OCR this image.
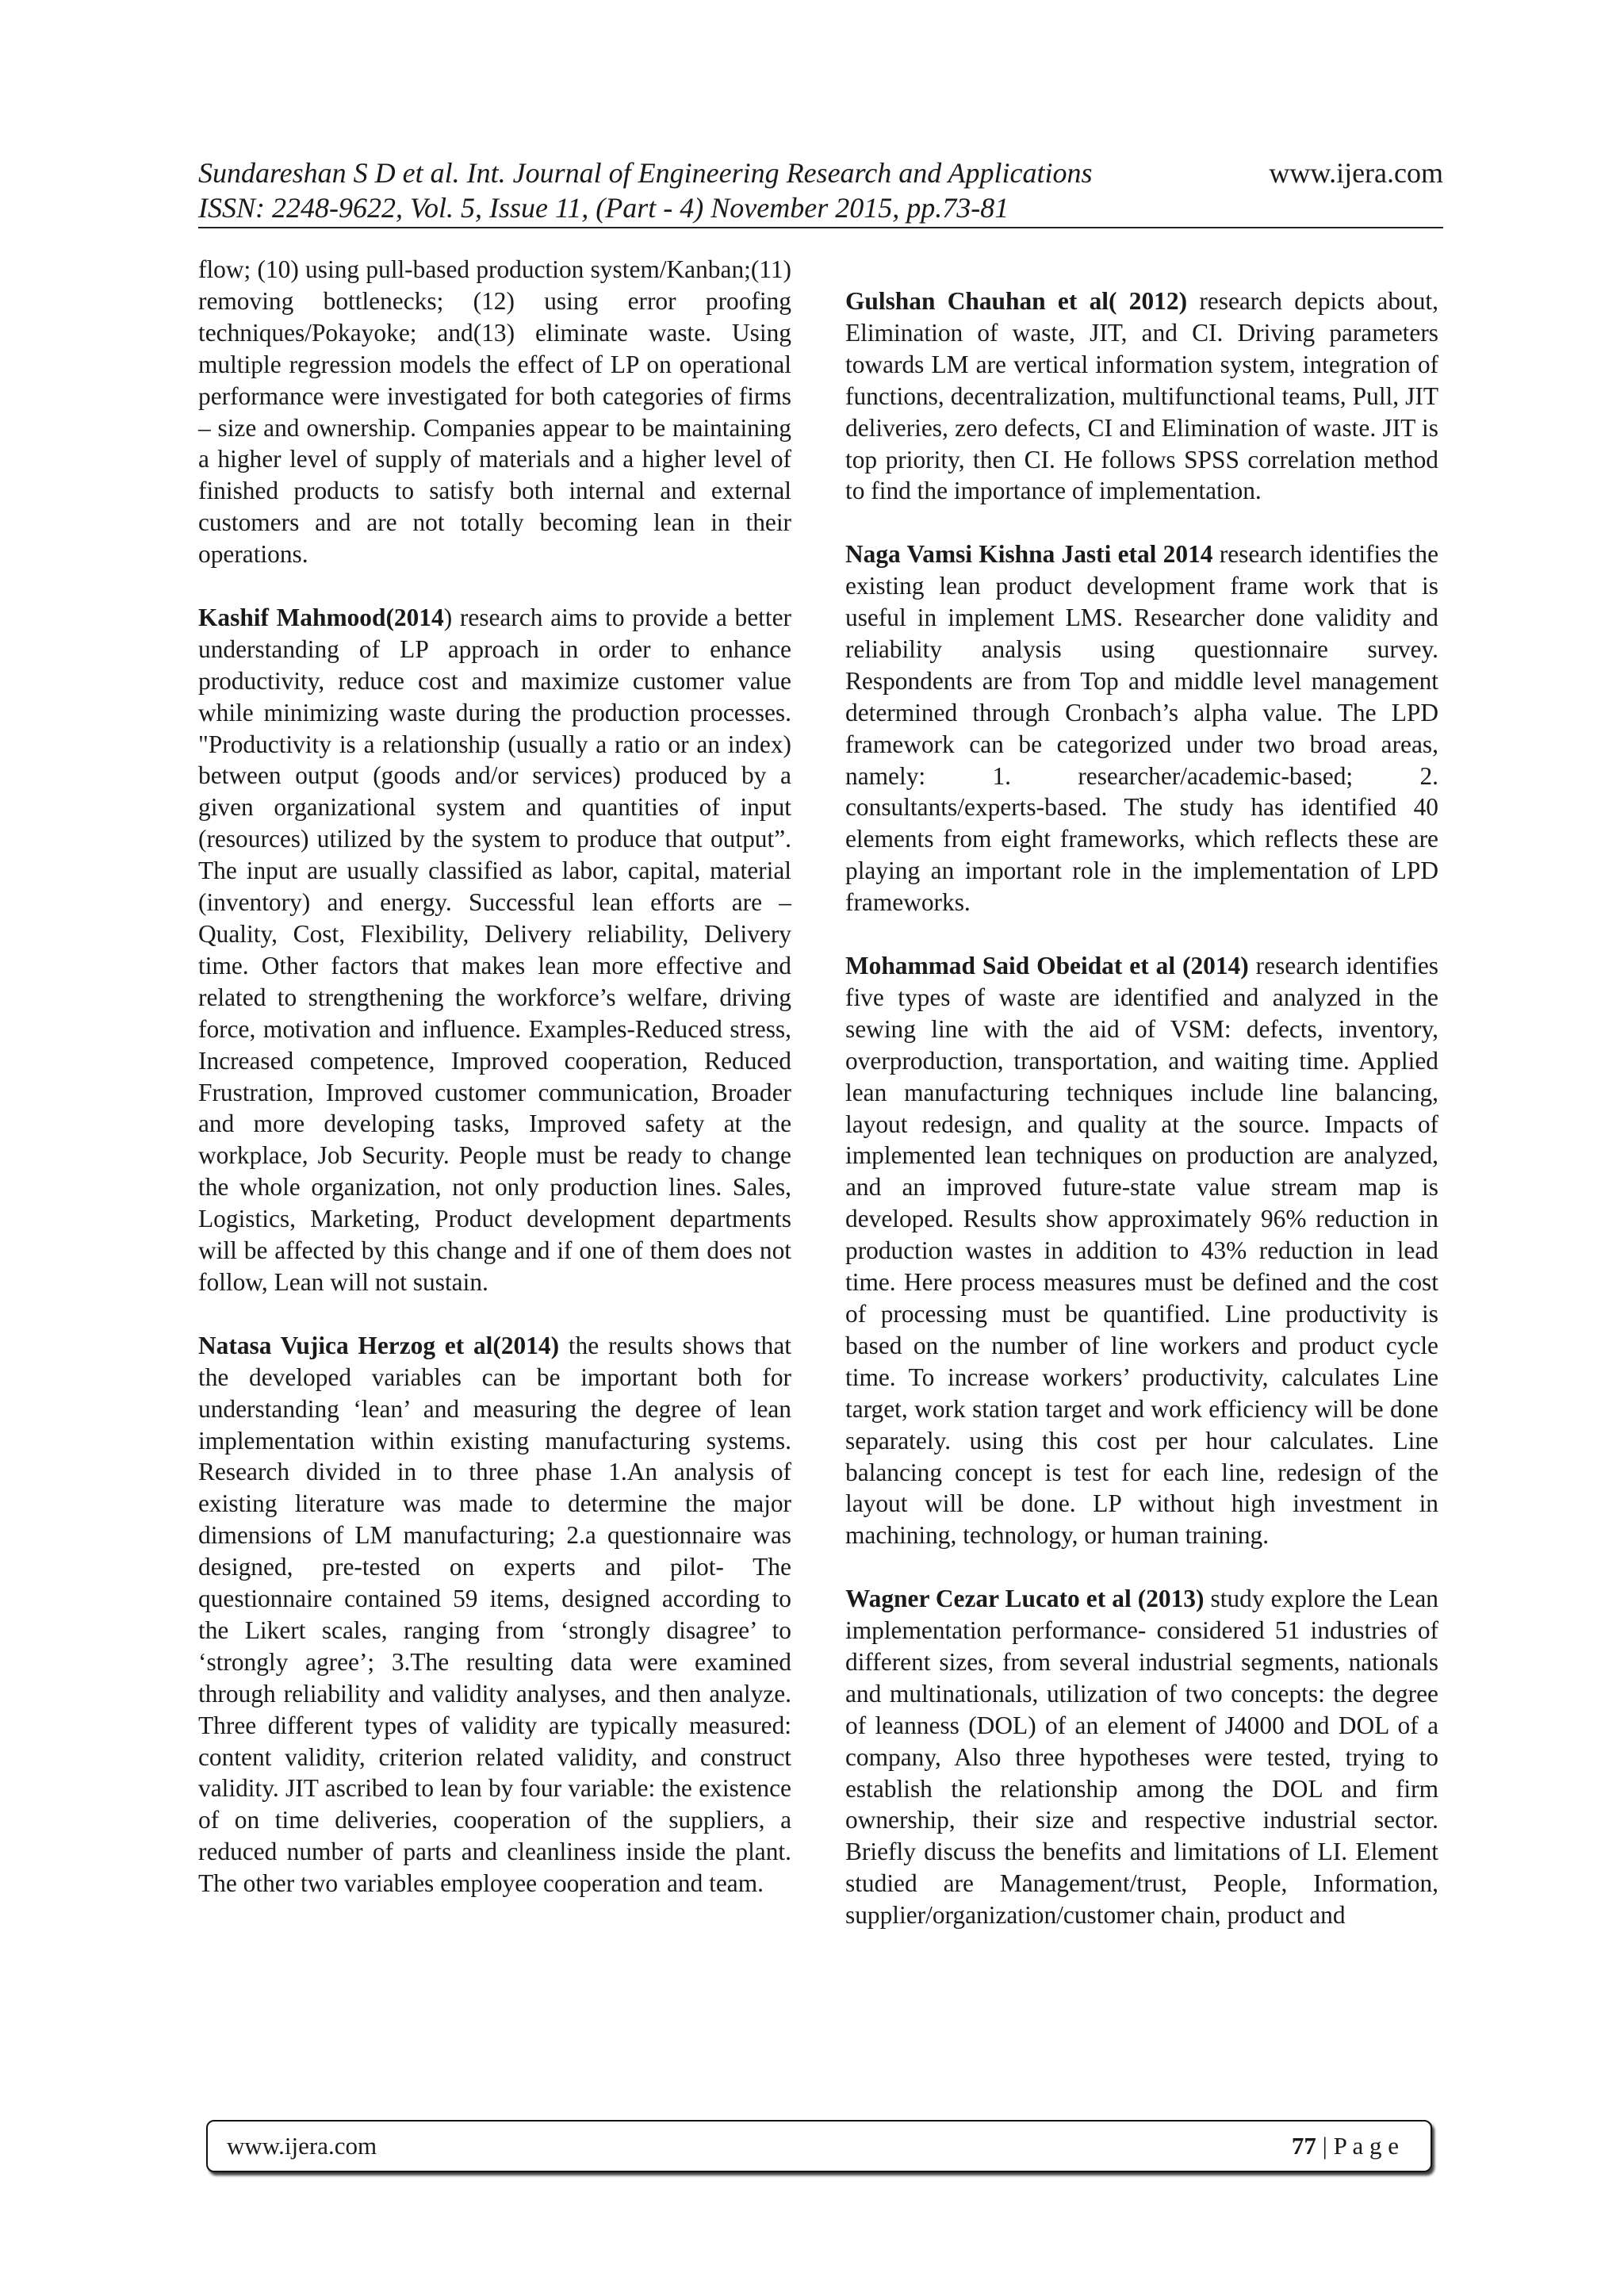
Sundareshan S D et al. Int. Journal of Engineering Research and Applications	www.ijera.com
ISSN: 2248-9622, Vol. 5, Issue 11, (Part - 4) November 2015, pp.73-81

flow; (10) using pull-based production system/Kanban;(11) removing bottlenecks; (12) using error proofing techniques/Pokayoke; and(13) eliminate waste. Using multiple regression models the effect of LP on operational performance were investigated for both categories of firms – size and ownership. Companies appear to be maintaining a higher level of supply of materials and a higher level of finished products to satisfy both internal and external customers and are not totally becoming lean in their operations.

Kashif Mahmood(2014) research aims to provide a better understanding of LP approach in order to enhance productivity, reduce cost and maximize customer value while minimizing waste during the production processes. "Productivity is a relationship (usually a ratio or an index) between output (goods and/or services) produced by a given organizational system and quantities of input (resources) utilized by the system to produce that output”. The input are usually classified as labor, capital, material (inventory) and energy. Successful lean efforts are – Quality, Cost, Flexibility, Delivery reliability, Delivery time. Other factors that makes lean more effective and related to strengthening the workforce’s welfare, driving force, motivation and influence. Examples-Reduced stress, Increased competence, Improved cooperation, Reduced Frustration, Improved customer communication, Broader and more developing tasks, Improved safety at the workplace, Job Security. People must be ready to change the whole organization, not only production lines. Sales, Logistics, Marketing, Product development departments will be affected by this change and if one of them does not follow, Lean will not sustain.

Natasa Vujica Herzog et al(2014) the results shows that the developed variables can be important both for understanding ‘lean’ and measuring the degree of lean implementation within existing manufacturing systems. Research divided in to three phase 1.An analysis of existing literature was made to determine the major dimensions of LM manufacturing; 2.a questionnaire was designed, pre-tested on experts and pilot- The questionnaire contained 59 items, designed according to the Likert scales, ranging from ‘strongly disagree’ to ‘strongly agree’; 3.The resulting data were examined through reliability and validity analyses, and then analyze. Three different types of validity are typically measured: content validity, criterion related validity, and construct validity. JIT ascribed to lean by four variable: the existence of on time deliveries, cooperation of the suppliers, a reduced number of parts and cleanliness inside the plant. The other two variables employee cooperation and team.

Gulshan Chauhan et al( 2012) research depicts about, Elimination of waste, JIT, and CI. Driving parameters towards LM are vertical information system, integration of functions, decentralization, multifunctional teams, Pull, JIT deliveries, zero defects, CI and Elimination of waste. JIT is top priority, then CI. He follows SPSS correlation method to find the importance of implementation.

Naga Vamsi Kishna Jasti etal 2014 research identifies the existing lean product development frame work that is useful in implement LMS. Researcher done validity and reliability analysis using questionnaire survey. Respondents are from Top and middle level management determined through Cronbach’s alpha value. The LPD framework can be categorized under two broad areas, namely: 1. researcher/academic-based; 2. consultants/experts-based. The study has identified 40 elements from eight frameworks, which reflects these are playing an important role in the implementation of LPD frameworks.

Mohammad Said Obeidat et al (2014) research identifies five types of waste are identified and analyzed in the sewing line with the aid of VSM: defects, inventory, overproduction, transportation, and waiting time. Applied lean manufacturing techniques include line balancing, layout redesign, and quality at the source. Impacts of implemented lean techniques on production are analyzed, and an improved future-state value stream map is developed. Results show approximately 96% reduction in production wastes in addition to 43% reduction in lead time. Here process measures must be defined and the cost of processing must be quantified. Line productivity is based on the number of line workers and product cycle time. To increase workers’ productivity, calculates Line target, work station target and work efficiency will be done separately. using this cost per hour calculates. Line balancing concept is test for each line, redesign of the layout will be done. LP without high investment in machining, technology, or human training.

Wagner Cezar Lucato et al (2013) study explore the Lean implementation performance- considered 51 industries of different sizes, from several industrial segments, nationals and multinationals, utilization of two concepts: the degree of leanness (DOL) of an element of J4000 and DOL of a company, Also three hypotheses were tested, trying to establish the relationship among the DOL and firm ownership, their size and respective industrial sector. Briefly discuss the benefits and limitations of LI. Element studied are Management/trust, People, Information, supplier/organization/customer chain, product and

www.ijera.com	77 | P a g e
